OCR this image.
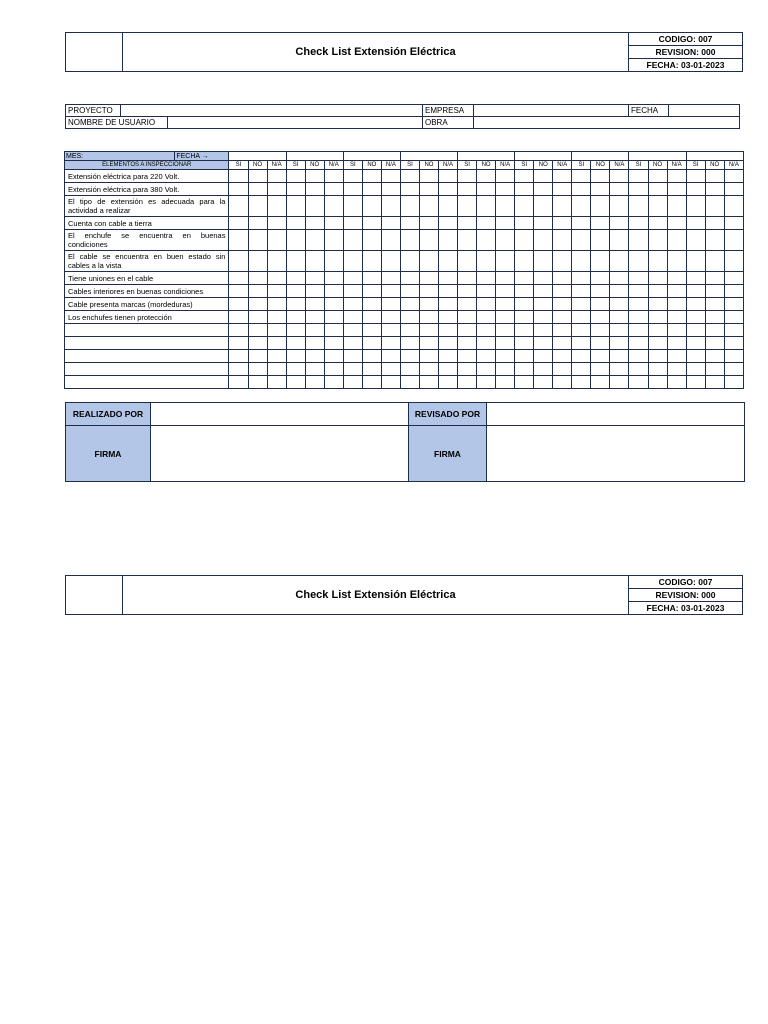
	Check List Extensión Eléctrica	CODIGO: 007
REVISION: 000
FECHA: 03-01-2023
PROYECTO			EMPRESA		FECHA	
NOMBRE DE USUARIO			OBRA			
MES:	FECHA →																											
ELEMENTOS A INSPECCIONAR		SI	NO	N/A	SI	NO	N/A	SI	NO	N/A	SI	NO	N/A	SI	NO	N/A	SI	NO	N/A	SI	NO	N/A	SI	NO	N/A	SI	NO	N/A
Extensión eléctrica para 220 Volt.																												
Extensión eléctrica para 380 Volt.																												
El tipo de extensión es adecuada para la actividad a realizar																												
Cuenta con cable a tierra																												
El enchufe se encuentra en buenas condiciones																												
El cable se encuentra en buen estado sin cables a la vista																												
Tiene uniones en el cable																												
Cables interiores en buenas condiciones																												
Cable presenta marcas (mordeduras)																												
Los enchufes tienen protección																												

REALIZADO POR		REVISADO POR	
FIRMA		FIRMA	
	Check List Extensión Eléctrica	CODIGO: 007
REVISION: 000
FECHA: 03-01-2023
